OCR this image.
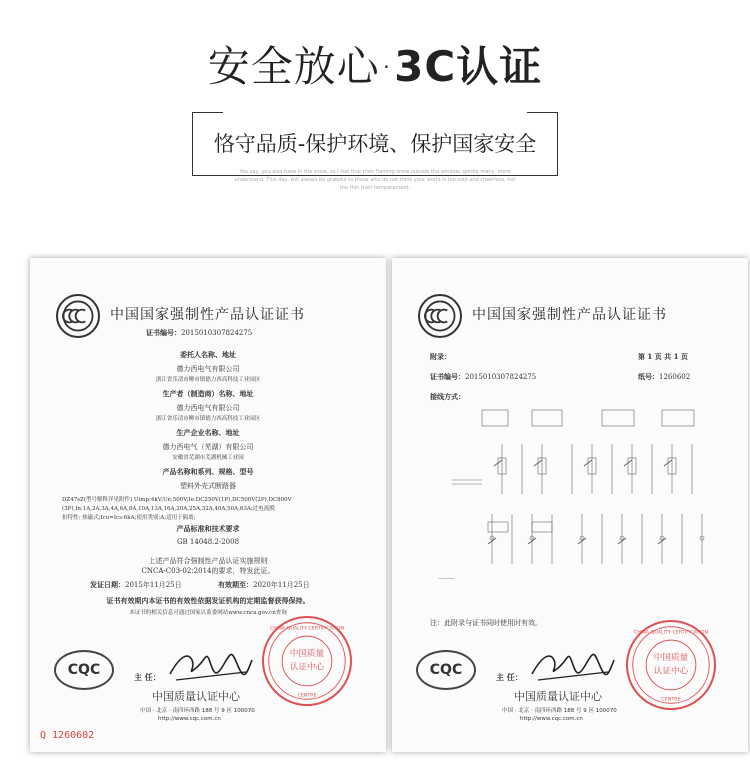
安全放心·3C认证
恪守品质-保护环境、保护国家安全
You say, you also have in the snow, so I feel that their flaming snow outside the window, gentle many, more understand. This day, will always be grateful to those who do not think your world is too cold and cheerless, not too thin their temperament.
中国国家强制性产品认证证书
证书编号：2015010307824275
委托人名称、地址
德力西电气有限公司
浙江省乐清市柳市镇德力西高科技工业园区
生产者（制造商）名称、地址
德力西电气有限公司
浙江省乐清市柳市镇德力西高科技工业园区
生产企业名称、地址
德力西电气（芜湖）有限公司
安徽省芜湖市芜湖机械工业园
产品名称和系列、规格、型号
塑料外壳式断路器
DZ47sZ(型号解释详见附件) Uimp:4kV;Ue:500V;Ie:DC250V(1P),DC500V(2P),DC800V
(3P),In:1A,2A,3A,4A,6A,8A,10A,13A,16A,20A,25A,32A,40A,50A,63A;过电流脱
扣特性: 热磁式;Icu=Ics:6kA;使用类别:A;适用于隔离;
产品标准和技术要求
GB 14048.2-2008
上述产品符合强制性产品认证实施规则
CNCA-C03-02:2014的要求，特发此证。
发证日期：2015年11月25日	有效期至：2020年11月25日
证书有效期内本证书的有效性依据发证机构的定期监督获得保持。
本证书的相关信息可通过国家认监委网站www.cnca.gov.cn查询
CQC	主 任：
中国质量
认证中心
CHINA QUALITY CERTIFICATION
CENTRE
中国质量认证中心
中国 · 北京 · 南四环西路 188 号 9 区 100070
http://www.cqc.com.cn
Q 1260602
中国国家强制性产品认证证书
附录：	第 1 页 共 1 页
证书编号：2015010307824275	纸号：1260602
接线方式：
———
注：此附录与证书同时使用时有效。
CQC	主 任：
中国质量
认证中心
CHINA QUALITY CERTIFICATION
CENTRE
中国质量认证中心
中国 · 北京 · 南四环西路 188 号 9 区 100070
http://www.cqc.com.cn
